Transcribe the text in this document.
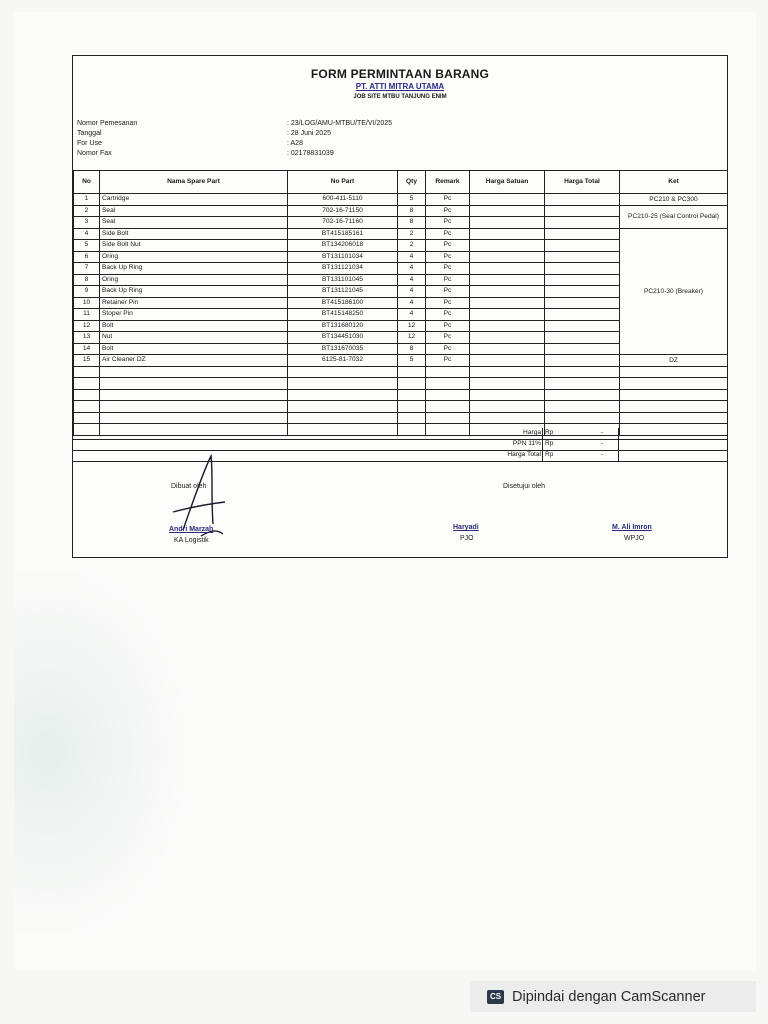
FORM PERMINTAAN BARANG
PT. ATTI MITRA UTAMA
JOB SITE MTBU TANJUNG ENIM
Nomor Pemesanan	: 23/LOG/AMU-MTBU/TE/VI/2025
Tanggal	: 28 Juni 2025
For Use	: A28
Nomor Fax	: 02178831039
No	Nama Spare Part	No Part	Qty	Remark	Harga Satuan	Harga Total	Ket
1	Cartridge	600-411-5110	5	Pc			PC210 & PC300
2	Seal	702-16-71150	8	Pc			PC210-25 (Seal Control Pedal)
3	Seal	702-16-71160	8	Pc			
4	Side Bolt	BT415185161	2	Pc			PC210-30 (Breaker)
5	Side Bolt Nut	BT134206018	2	Pc			
6	Oring	BT131101034	4	Pc			
7	Back Up Ring	BT131121034	4	Pc			
8	Oring	BT131101045	4	Pc			
9	Back Up Ring	BT131121045	4	Pc			
10	Retainer Pin	BT415186100	4	Pc			
11	Stoper Pin	BT415148250	4	Pc			
12	Bolt	BT131680120	12	Pc			
13	Nut	BT134451030	12	Pc			
14	Bolt	BT131670035	8	Pc			
15	Air Cleaner DZ	6125-81-7032	5	Pc			DZ

Harga Rp	-
PPN 11% Rp	-
Harga Total Rp	-
Dibuat oleh	Disetujui oleh
Andri Marzah
KA Logistik
Haryadi
PJO
M. Ali Imron
WPJO
CS Dipindai dengan CamScanner
